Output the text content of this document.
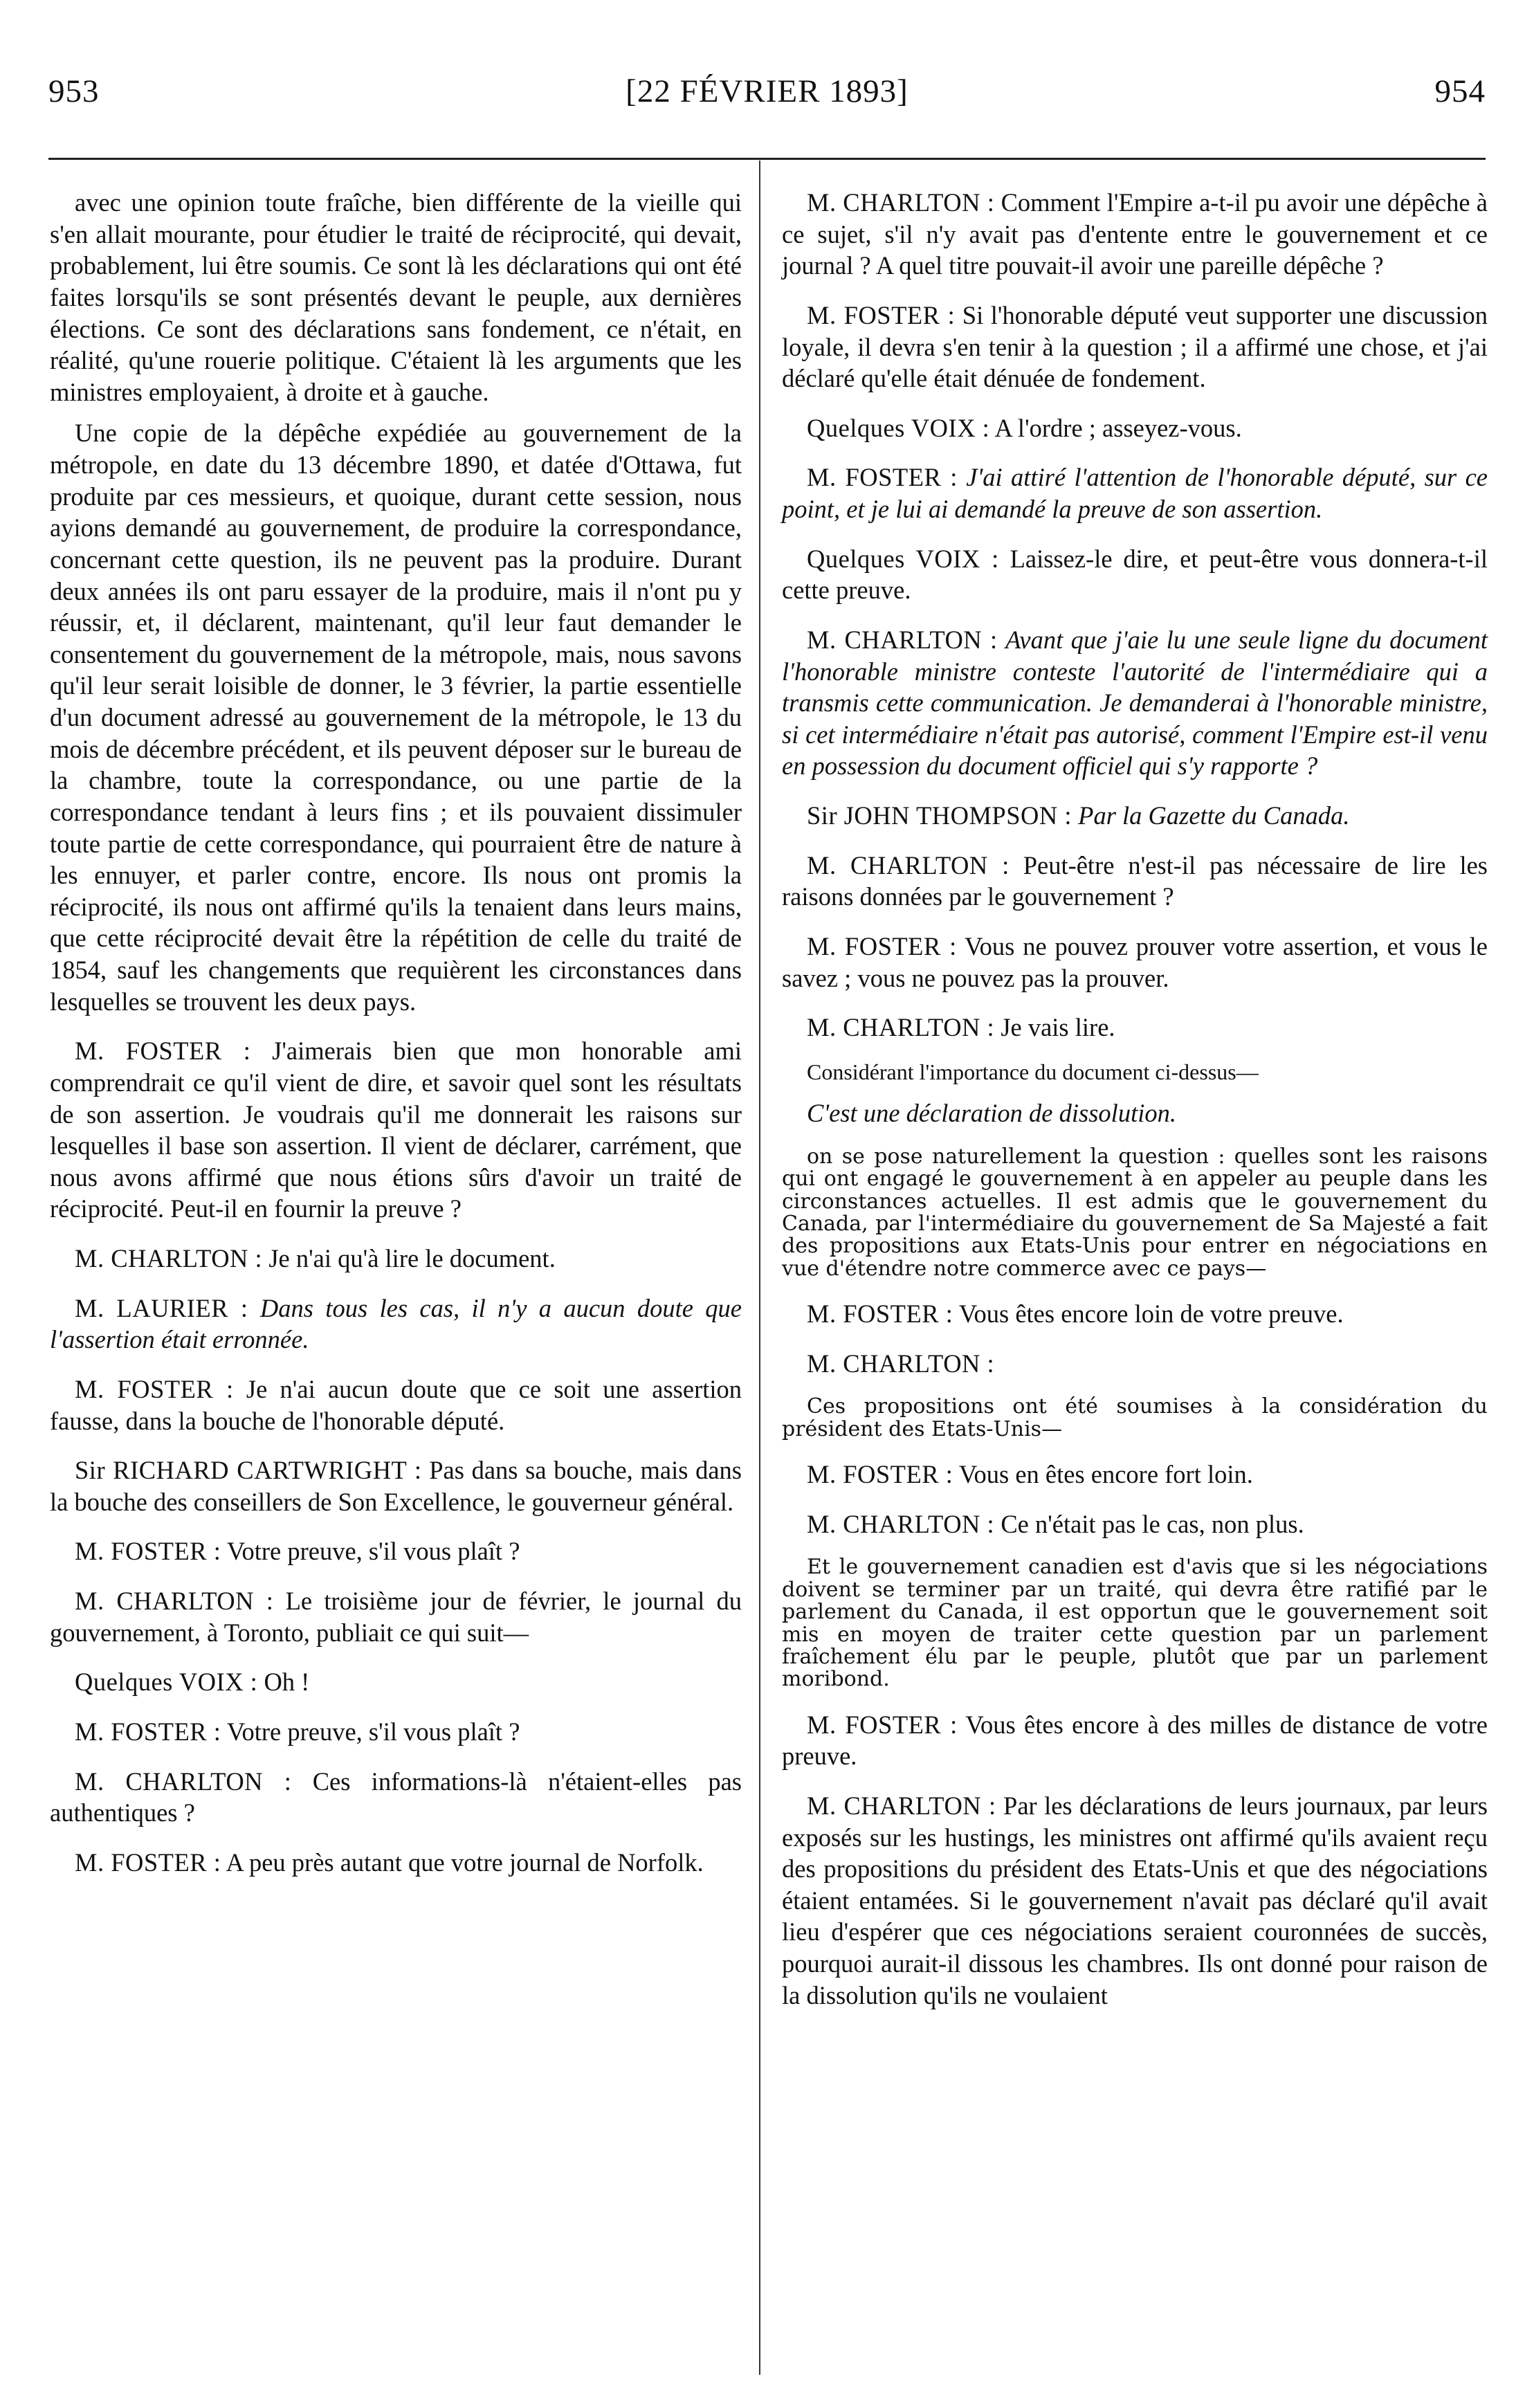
953	[22 FÉVRIER 1893]	954

avec une opinion toute fraîche, bien différente de la vieille qui s'en allait mourante, pour étudier le traité de réciprocité, qui devait, probablement, lui être soumis. Ce sont là les déclarations qui ont été faites lorsqu'ils se sont présentés devant le peuple, aux dernières élections. Ce sont des déclarations sans fondement, ce n'était, en réalité, qu'une rouerie politique. C'étaient là les arguments que les ministres employaient, à droite et à gauche.

Une copie de la dépêche expédiée au gouvernement de la métropole, en date du 13 décembre 1890, et datée d'Ottawa, fut produite par ces messieurs, et quoique, durant cette session, nous ayions demandé au gouvernement, de produire la correspondance, concernant cette question, ils ne peuvent pas la produire. Durant deux années ils ont paru essayer de la produire, mais il n'ont pu y réussir, et, il déclarent, maintenant, qu'il leur faut demander le consentement du gouvernement de la métropole, mais, nous savons qu'il leur serait loisible de donner, le 3 février, la partie essentielle d'un document adressé au gouvernement de la métropole, le 13 du mois de décembre précédent, et ils peuvent déposer sur le bureau de la chambre, toute la correspondance, ou une partie de la correspondance tendant à leurs fins ; et ils pouvaient dissimuler toute partie de cette correspondance, qui pourraient être de nature à les ennuyer, et parler contre, encore. Ils nous ont promis la réciprocité, ils nous ont affirmé qu'ils la tenaient dans leurs mains, que cette réciprocité devait être la répétition de celle du traité de 1854, sauf les changements que requièrent les circonstances dans lesquelles se trouvent les deux pays.

M. FOSTER : J'aimerais bien que mon honorable ami comprendrait ce qu'il vient de dire, et savoir quel sont les résultats de son assertion. Je voudrais qu'il me donnerait les raisons sur lesquelles il base son assertion. Il vient de déclarer, carrément, que nous avons affirmé que nous étions sûrs d'avoir un traité de réciprocité. Peut-il en fournir la preuve ?

M. CHARLTON : Je n'ai qu'à lire le document.

M. LAURIER : Dans tous les cas, il n'y a aucun doute que l'assertion était erronnée.

M. FOSTER : Je n'ai aucun doute que ce soit une assertion fausse, dans la bouche de l'honorable député.

Sir RICHARD CARTWRIGHT : Pas dans sa bouche, mais dans la bouche des conseillers de Son Excellence, le gouverneur général.

M. FOSTER : Votre preuve, s'il vous plaît ?

M. CHARLTON : Le troisième jour de février, le journal du gouvernement, à Toronto, publiait ce qui suit—

Quelques VOIX : Oh !

M. FOSTER : Votre preuve, s'il vous plaît ?

M. CHARLTON : Ces informations-là n'étaient-elles pas authentiques ?

M. FOSTER : A peu près autant que votre journal de Norfolk.

M. CHARLTON : Comment l'Empire a-t-il pu avoir une dépêche à ce sujet, s'il n'y avait pas d'entente entre le gouvernement et ce journal ? A quel titre pouvait-il avoir une pareille dépêche ?

M. FOSTER : Si l'honorable député veut supporter une discussion loyale, il devra s'en tenir à la question ; il a affirmé une chose, et j'ai déclaré qu'elle était dénuée de fondement.

Quelques VOIX : A l'ordre ; asseyez-vous.

M. FOSTER : J'ai attiré l'attention de l'honorable député, sur ce point, et je lui ai demandé la preuve de son assertion.

Quelques VOIX : Laissez-le dire, et peut-être vous donnera-t-il cette preuve.

M. CHARLTON : Avant que j'aie lu une seule ligne du document l'honorable ministre conteste l'autorité de l'intermédiaire qui a transmis cette communication. Je demanderai à l'honorable ministre, si cet intermédiaire n'était pas autorisé, comment l'Empire est-il venu en possession du document officiel qui s'y rapporte ?

Sir JOHN THOMPSON : Par la Gazette du Canada.

M. CHARLTON : Peut-être n'est-il pas nécessaire de lire les raisons données par le gouvernement ?

M. FOSTER : Vous ne pouvez prouver votre assertion, et vous le savez ; vous ne pouvez pas la prouver.

M. CHARLTON : Je vais lire.

Considérant l'importance du document ci-dessus—

C'est une déclaration de dissolution.

on se pose naturellement la question : quelles sont les raisons qui ont engagé le gouvernement à en appeler au peuple dans les circonstances actuelles. Il est admis que le gouvernement du Canada, par l'intermédiaire du gouvernement de Sa Majesté a fait des propositions aux Etats-Unis pour entrer en négociations en vue d'étendre notre commerce avec ce pays—

M. FOSTER : Vous êtes encore loin de votre preuve.

M. CHARLTON :

Ces propositions ont été soumises à la considération du président des Etats-Unis—

M. FOSTER : Vous en êtes encore fort loin.

M. CHARLTON : Ce n'était pas le cas, non plus.

Et le gouvernement canadien est d'avis que si les négociations doivent se terminer par un traité, qui devra être ratifié par le parlement du Canada, il est opportun que le gouvernement soit mis en moyen de traiter cette question par un parlement fraîchement élu par le peuple, plutôt que par un parlement moribond.

M. FOSTER : Vous êtes encore à des milles de distance de votre preuve.

M. CHARLTON : Par les déclarations de leurs journaux, par leurs exposés sur les hustings, les ministres ont affirmé qu'ils avaient reçu des propositions du président des Etats-Unis et que des négociations étaient entamées. Si le gouvernement n'avait pas déclaré qu'il avait lieu d'espérer que ces négociations seraient couronnées de succès, pourquoi aurait-il dissous les chambres. Ils ont donné pour raison de la dissolution qu'ils ne voulaient
